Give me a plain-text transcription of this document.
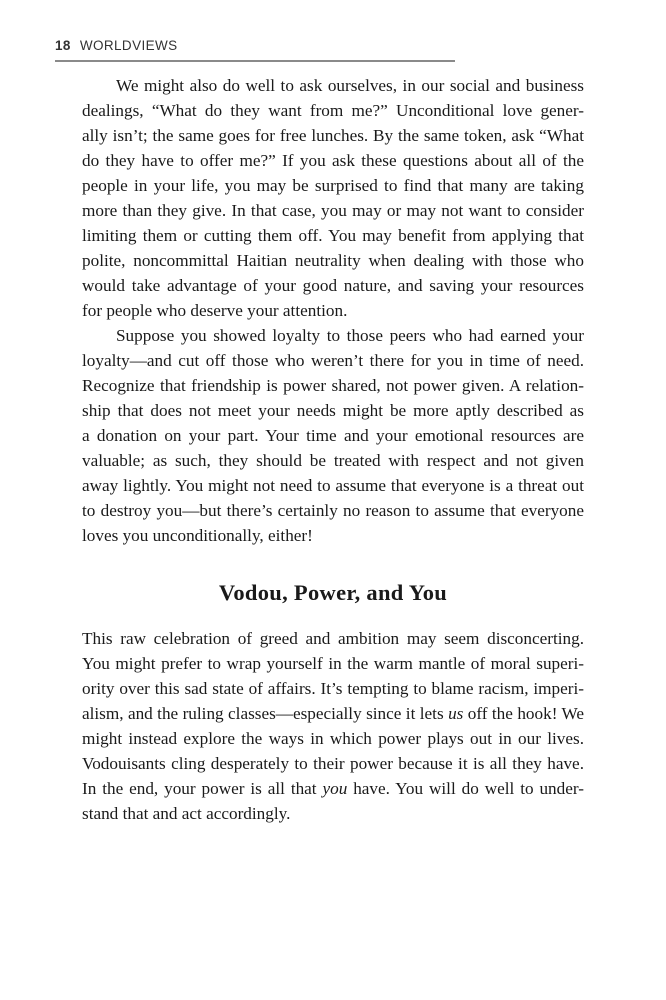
18 WORLDVIEWS
We might also do well to ask ourselves, in our social and business
dealings, “What do they want from me?” Unconditional love gener-
ally isn’t; the same goes for free lunches. By the same token, ask “What
do they have to offer me?” If you ask these questions about all of the
people in your life, you may be surprised to find that many are taking
more than they give. In that case, you may or may not want to consider
limiting them or cutting them off. You may benefit from applying that
polite, noncommittal Haitian neutrality when dealing with those who
would take advantage of your good nature, and saving your resources
for people who deserve your attention.
Suppose you showed loyalty to those peers who had earned your
loyalty—and cut off those who weren’t there for you in time of need.
Recognize that friendship is power shared, not power given. A relation-
ship that does not meet your needs might be more aptly described as
a donation on your part. Your time and your emotional resources are
valuable; as such, they should be treated with respect and not given
away lightly. You might not need to assume that everyone is a threat out
to destroy you—but there’s certainly no reason to assume that everyone
loves you unconditionally, either!
Vodou, Power, and You
This raw celebration of greed and ambition may seem disconcerting.
You might prefer to wrap yourself in the warm mantle of moral superi-
ority over this sad state of affairs. It’s tempting to blame racism, imperi-
alism, and the ruling classes—especially since it lets us off the hook! We
might instead explore the ways in which power plays out in our lives.
Vodouisants cling desperately to their power because it is all they have.
In the end, your power is all that you have. You will do well to under-
stand that and act accordingly.
